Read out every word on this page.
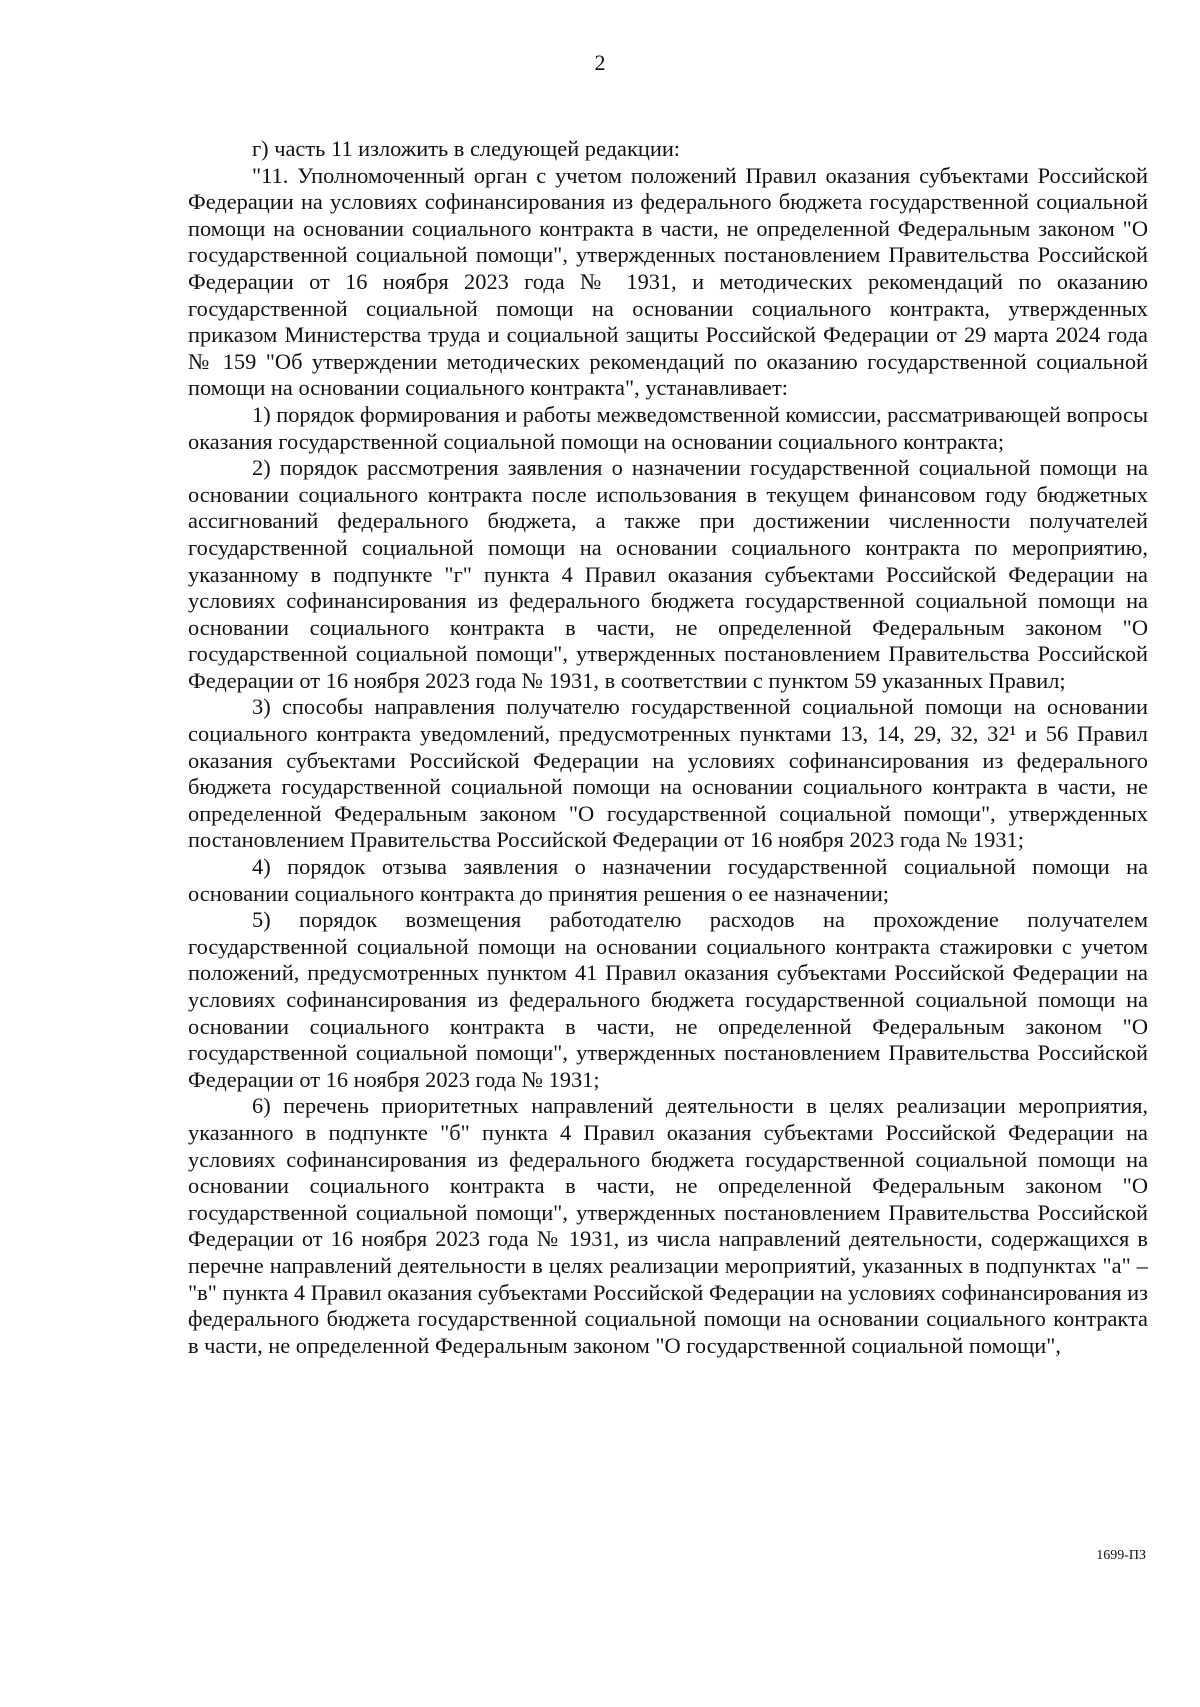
2

г) часть 11 изложить в следующей редакции:

"11. Уполномоченный орган с учетом положений Правил оказания субъектами Российской Федерации на условиях софинансирования из федерального бюджета государственной социальной помощи на основании социального контракта в части, не определенной Федеральным законом "О государственной социальной помощи", утвержденных постановлением Правительства Российской Федерации от 16 ноября 2023 года № 1931, и методических рекомендаций по оказанию государственной социальной помощи на основании социального контракта, утвержденных приказом Министерства труда и социальной защиты Российской Федерации от 29 марта 2024 года № 159 "Об утверждении методических рекомендаций по оказанию государственной социальной помощи на основании социального контракта", устанавливает:

1) порядок формирования и работы межведомственной комиссии, рассматривающей вопросы оказания государственной социальной помощи на основании социального контракта;

2) порядок рассмотрения заявления о назначении государственной социальной помощи на основании социального контракта после использования в текущем финансовом году бюджетных ассигнований федерального бюджета, а также при достижении численности получателей государственной социальной помощи на основании социального контракта по мероприятию, указанному в подпункте "г" пункта 4 Правил оказания субъектами Российской Федерации на условиях софинансирования из федерального бюджета государственной социальной помощи на основании социального контракта в части, не определенной Федеральным законом "О государственной социальной помощи", утвержденных постановлением Правительства Российской Федерации от 16 ноября 2023 года № 1931, в соответствии с пунктом 59 указанных Правил;

3) способы направления получателю государственной социальной помощи на основании социального контракта уведомлений, предусмотренных пунктами 13, 14, 29, 32, 32¹ и 56 Правил оказания субъектами Российской Федерации на условиях софинансирования из федерального бюджета государственной социальной помощи на основании социального контракта в части, не определенной Федеральным законом "О государственной социальной помощи", утвержденных постановлением Правительства Российской Федерации от 16 ноября 2023 года № 1931;

4) порядок отзыва заявления о назначении государственной социальной помощи на основании социального контракта до принятия решения о ее назначении;

5) порядок возмещения работодателю расходов на прохождение получателем государственной социальной помощи на основании социального контракта стажировки с учетом положений, предусмотренных пунктом 41 Правил оказания субъектами Российской Федерации на условиях софинансирования из федерального бюджета государственной социальной помощи на основании социального контракта в части, не определенной Федеральным законом "О государственной социальной помощи", утвержденных постановлением Правительства Российской Федерации от 16 ноября 2023 года № 1931;

6) перечень приоритетных направлений деятельности в целях реализации мероприятия, указанного в подпункте "б" пункта 4 Правил оказания субъектами Российской Федерации на условиях софинансирования из федерального бюджета государственной социальной помощи на основании социального контракта в части, не определенной Федеральным законом "О государственной социальной помощи", утвержденных постановлением Правительства Российской Федерации от 16 ноября 2023 года № 1931, из числа направлений деятельности, содержащихся в перечне направлений деятельности в целях реализации мероприятий, указанных в подпунктах "а" – "в" пункта 4 Правил оказания субъектами Российской Федерации на условиях софинансирования из федерального бюджета государственной социальной помощи на основании социального контракта в части, не определенной Федеральным законом "О государственной социальной помощи",

1699-ПЗ
